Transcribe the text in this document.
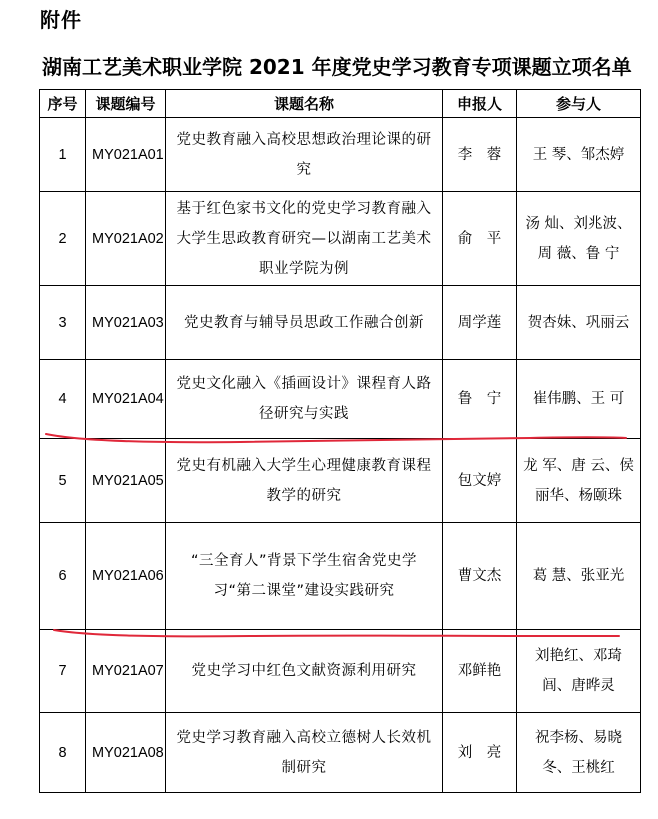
附件
湖南工艺美术职业学院 2021 年度党史学习教育专项课题立项名单
序号	课题编号	课题名称	申报人	参与人
1	MY021A01	党史教育融入高校思想政治理论课的研究	李　蓉	王 琴、邹杰婷
2	MY021A02	基于红色家书文化的党史学习教育融入大学生思政教育研究—以湖南工艺美术职业学院为例	俞　平	汤 灿、刘兆波、周 薇、鲁 宁
3	MY021A03	党史教育与辅导员思政工作融合创新	周学莲	贺杏妹、巩丽云
4	MY021A04	党史文化融入《插画设计》课程育人路径研究与实践	鲁　宁	崔伟鹏、王 可
5	MY021A05	党史有机融入大学生心理健康教育课程教学的研究	包文婷	龙 军、唐 云、侯丽华、杨颐珠
6	MY021A06	“三全育人”背景下学生宿舍党史学习“第二课堂”建设实践研究	曹文杰	葛 慧、张亚光
7	MY021A07	党史学习中红色文献资源利用研究	邓鲜艳	刘艳红、邓琦闾、唐晔灵
8	MY021A08	党史学习教育融入高校立德树人长效机制研究	刘　亮	祝李杨、易晓冬、王桃红
